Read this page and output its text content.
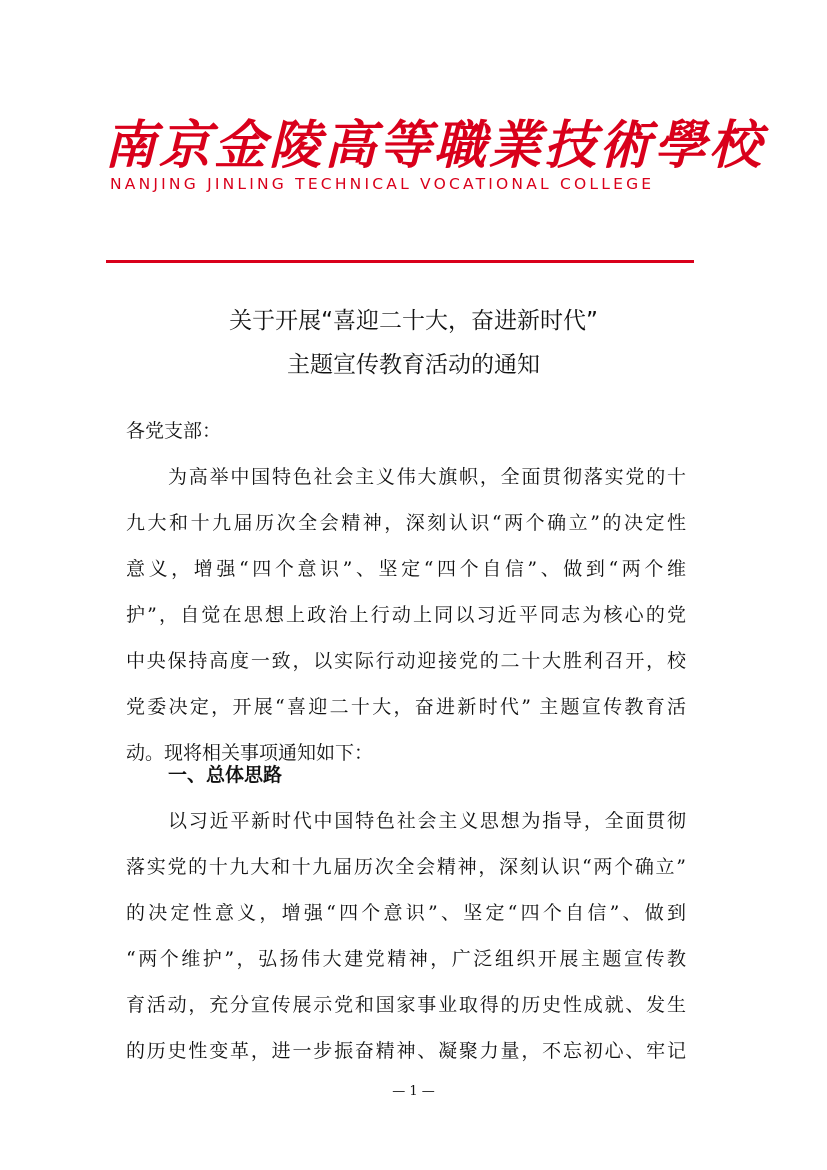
南京金陵高等職業技術學校
NANJING JINLING TECHNICAL VOCATIONAL COLLEGE
关于开展“喜迎二十大，奋进新时代”
主题宣传教育活动的通知
各党支部：
为高举中国特色社会主义伟大旗帜，全面贯彻落实党的十
九大和十九届历次全会精神，深刻认识“两个确立”的决定性
意义，增强“四个意识”、坚定“四个自信”、做到“两个维
护”，自觉在思想上政治上行动上同以习近平同志为核心的党
中央保持高度一致，以实际行动迎接党的二十大胜利召开，校
党委决定，开展“喜迎二十大，奋进新时代” 主题宣传教育活
动。现将相关事项通知如下：
一、总体思路
以习近平新时代中国特色社会主义思想为指导，全面贯彻
落实党的十九大和十九届历次全会精神，深刻认识“两个确立”
的决定性意义，增强“四个意识”、坚定“四个自信”、做到
“两个维护”，弘扬伟大建党精神，广泛组织开展主题宣传教
育活动，充分宣传展示党和国家事业取得的历史性成就、发生
的历史性变革，进一步振奋精神、凝聚力量，不忘初心、牢记
— 1 —
